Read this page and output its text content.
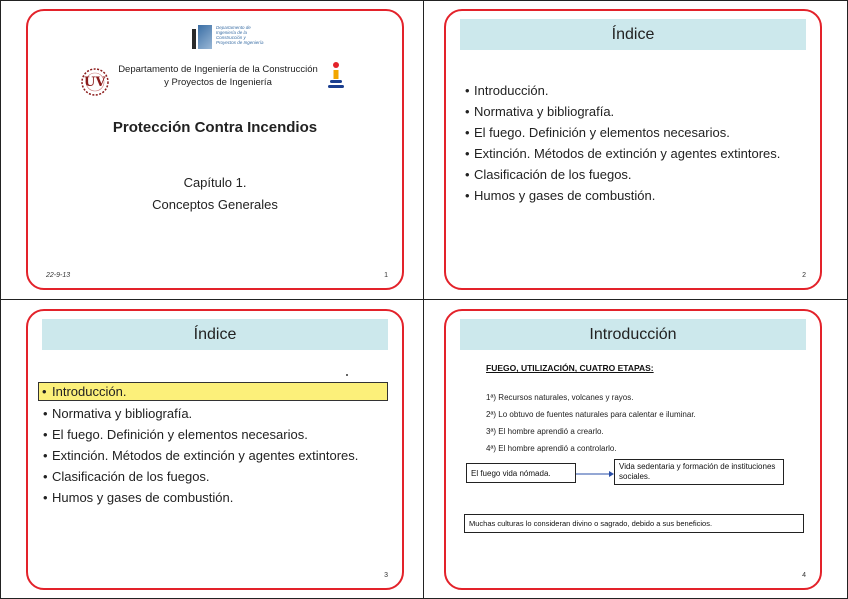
Departamento de Ingeniería de la Construcción y Proyectos de Ingeniería
UV
Departamento de Ingeniería de la Construcción y Proyectos de Ingeniería
Protección Contra Incendios
Capítulo 1.
Conceptos Generales
22-9-13	1
Índice
• Introducción.
• Normativa y bibliografía.
• El fuego. Definición y elementos necesarios.
• Extinción. Métodos de extinción y agentes extintores.
• Clasificación de los fuegos.
• Humos y gases de combustión.
2
Índice
• Introducción.
• Normativa y bibliografía.
• El fuego. Definición y elementos necesarios.
• Extinción. Métodos de extinción y agentes extintores.
• Clasificación de los fuegos.
• Humos y gases de combustión.
3
Introducción
FUEGO, UTILIZACIÓN, CUATRO ETAPAS:
1ª) Recursos naturales, volcanes y rayos.
2ª) Lo obtuvo de fuentes naturales para calentar e iluminar.
3ª) El hombre aprendió a crearlo.
4ª) El hombre aprendió a controlarlo.
El fuego vida nómada.
Vida sedentaria y formación de instituciones sociales.
Muchas culturas lo consideran divino o sagrado, debido a sus beneficios.
4
